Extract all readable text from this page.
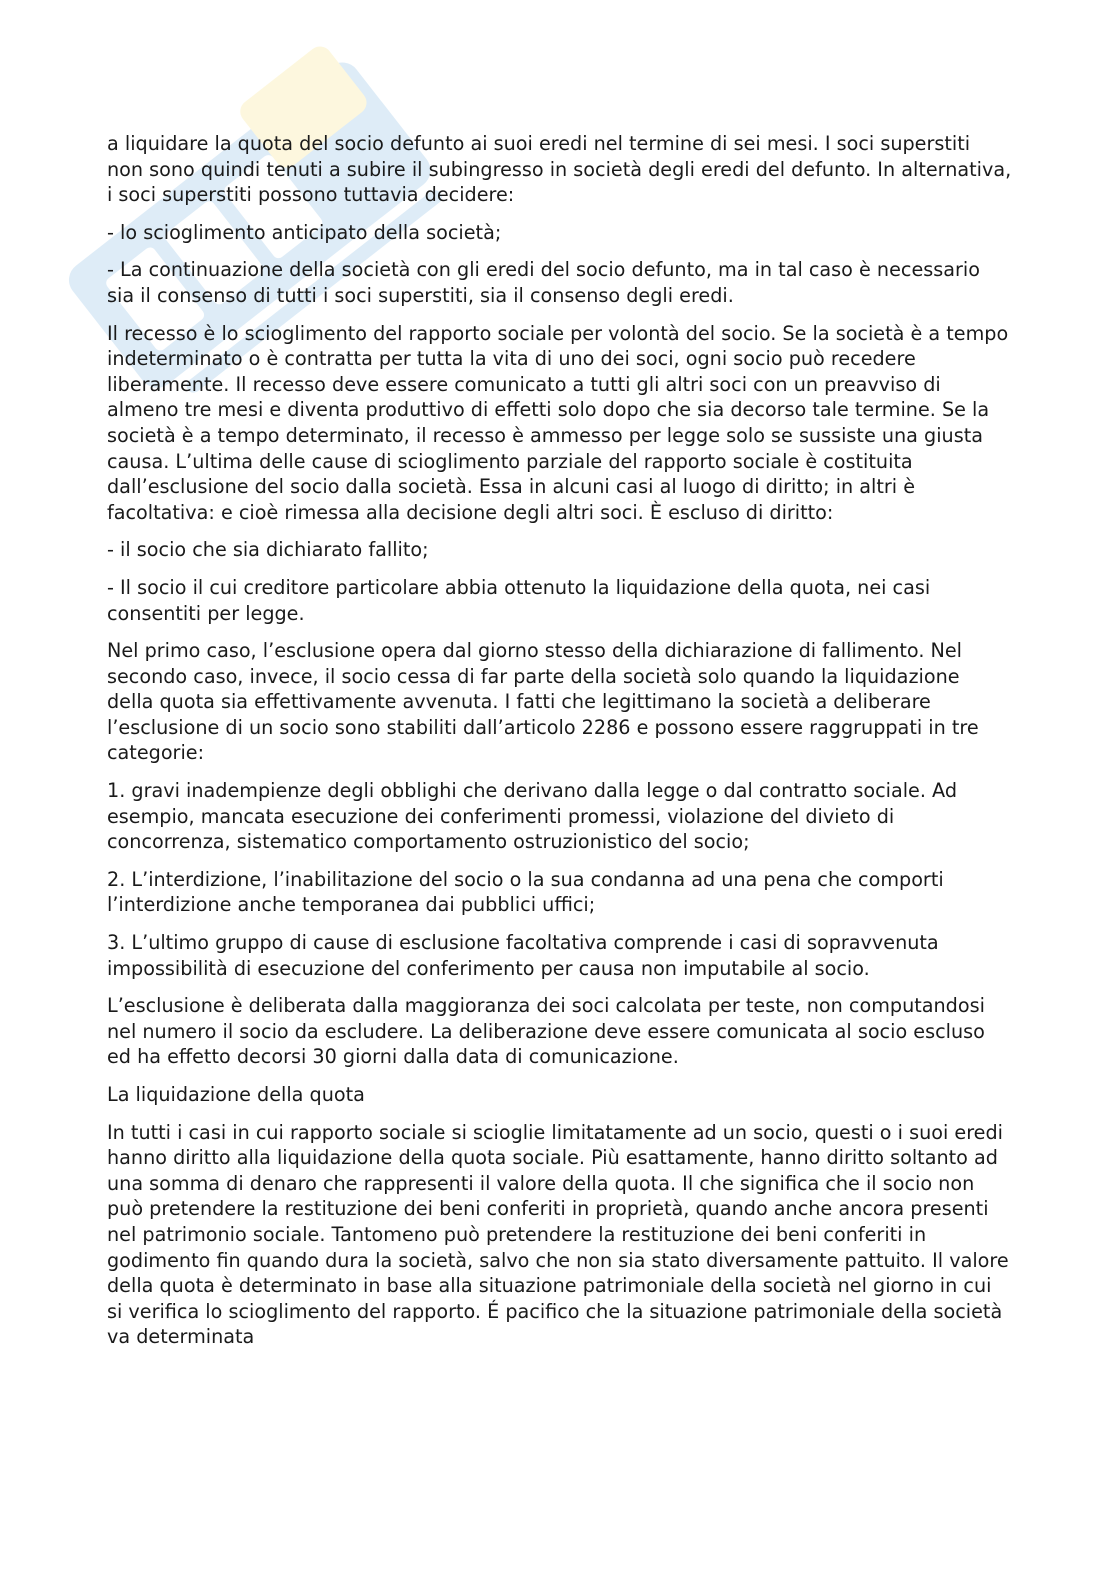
a liquidare la quota del socio defunto ai suoi eredi nel termine di sei mesi. I soci superstiti non sono quindi tenuti a subire il subingresso in società degli eredi del defunto. In alternativa, i soci superstiti possono tuttavia decidere:

- lo scioglimento anticipato della società;

- La continuazione della società con gli eredi del socio defunto, ma in tal caso è necessario sia il consenso di tutti i soci superstiti, sia il consenso degli eredi.

Il recesso è lo scioglimento del rapporto sociale per volontà del socio. Se la società è a tempo indeterminato o è contratta per tutta la vita di uno dei soci, ogni socio può recedere liberamente. Il recesso deve essere comunicato a tutti gli altri soci con un preavviso di almeno tre mesi e diventa produttivo di effetti solo dopo che sia decorso tale termine. Se la società è a tempo determinato, il recesso è ammesso per legge solo se sussiste una giusta causa. L’ultima delle cause di scioglimento parziale del rapporto sociale è costituita dall’esclusione del socio dalla società. Essa in alcuni casi al luogo di diritto; in altri è facoltativa: e cioè rimessa alla decisione degli altri soci. È escluso di diritto:

- il socio che sia dichiarato fallito;

- Il socio il cui creditore particolare abbia ottenuto la liquidazione della quota, nei casi consentiti per legge.

Nel primo caso, l’esclusione opera dal giorno stesso della dichiarazione di fallimento. Nel secondo caso, invece, il socio cessa di far parte della società solo quando la liquidazione della quota sia effettivamente avvenuta. I fatti che legittimano la società a deliberare l’esclusione di un socio sono stabiliti dall’articolo 2286 e possono essere raggruppati in tre categorie:

1. gravi inadempienze degli obblighi che derivano dalla legge o dal contratto sociale. Ad esempio, mancata esecuzione dei conferimenti promessi, violazione del divieto di concorrenza, sistematico comportamento ostruzionistico del socio;

2. L’interdizione, l’inabilitazione del socio o la sua condanna ad una pena che comporti l’interdizione anche temporanea dai pubblici uffici;

3. L’ultimo gruppo di cause di esclusione facoltativa comprende i casi di sopravvenuta impossibilità di esecuzione del conferimento per causa non imputabile al socio.

L’esclusione è deliberata dalla maggioranza dei soci calcolata per teste, non computandosi nel numero il socio da escludere. La deliberazione deve essere comunicata al socio escluso ed ha effetto decorsi 30 giorni dalla data di comunicazione.

La liquidazione della quota

In tutti i casi in cui rapporto sociale si scioglie limitatamente ad un socio, questi o i suoi eredi hanno diritto alla liquidazione della quota sociale. Più esattamente, hanno diritto soltanto ad una somma di denaro che rappresenti il valore della quota. Il che significa che il socio non può pretendere la restituzione dei beni conferiti in proprietà, quando anche ancora presenti nel patrimonio sociale. Tantomeno può pretendere la restituzione dei beni conferiti in godimento fin quando dura la società, salvo che non sia stato diversamente pattuito. Il valore della quota è determinato in base alla situazione patrimoniale della società nel giorno in cui si verifica lo scioglimento del rapporto. É pacifico che la situazione patrimoniale della società va determinata
